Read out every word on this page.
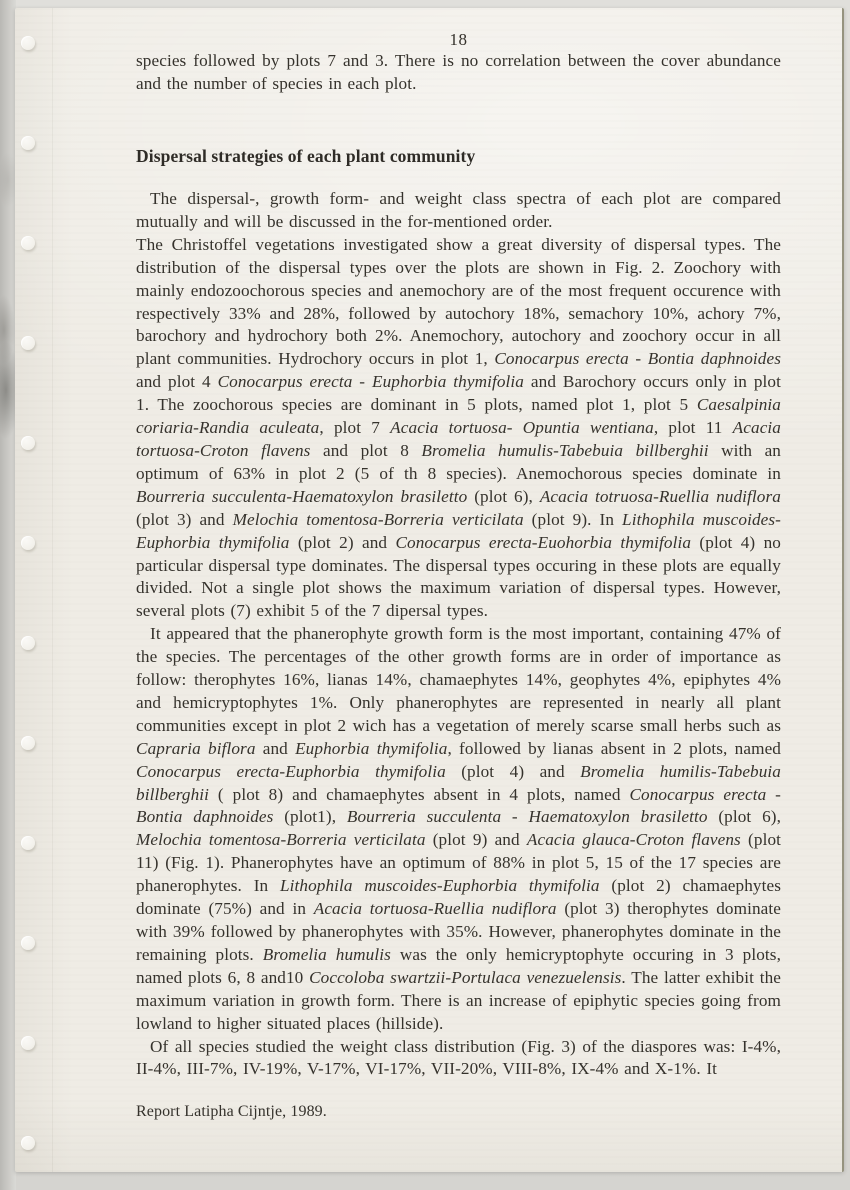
18

species followed by plots 7 and 3. There is no correlation between the cover abundance and the number of species in each plot.

Dispersal strategies of each plant community

The dispersal-, growth form- and weight class spectra of each plot are compared mutually and will be discussed in the for-mentioned order.

The Christoffel vegetations investigated show a great diversity of dispersal types. The distribution of the dispersal types over the plots are shown in Fig. 2. Zoochory with mainly endozoochorous species and anemochory are of the most frequent occurence with respectively 33% and 28%, followed by autochory 18%, semachory 10%, achory 7%, barochory and hydrochory both 2%. Anemochory, autochory and zoochory occur in all plant communities. Hydrochory occurs in plot 1, Conocarpus erecta - Bontia daphnoides and plot 4 Conocarpus erecta - Euphorbia thymifolia and Barochory occurs only in plot 1. The zoochorous species are dominant in 5 plots, named plot 1, plot 5 Caesalpinia coriaria-Randia aculeata, plot 7 Acacia tortuosa- Opuntia wentiana, plot 11 Acacia tortuosa-Croton flavens and plot 8 Bromelia humulis-Tabebuia billberghii with an optimum of 63% in plot 2 (5 of th 8 species). Anemochorous species dominate in Bourreria succulenta-Haematoxylon brasiletto (plot 6), Acacia totruosa-Ruellia nudiflora (plot 3) and Melochia tomentosa-Borreria verticilata (plot 9). In Lithophila muscoides-Euphorbia thymifolia (plot 2) and Conocarpus erecta-Euohorbia thymifolia (plot 4) no particular dispersal type dominates. The dispersal types occuring in these plots are equally divided. Not a single plot shows the maximum variation of dispersal types. However, several plots (7) exhibit 5 of the 7 dipersal types.

It appeared that the phanerophyte growth form is the most important, containing 47% of the species. The percentages of the other growth forms are in order of importance as follow: therophytes 16%, lianas 14%, chamaephytes 14%, geophytes 4%, epiphytes 4% and hemicryptophytes 1%. Only phanerophytes are represented in nearly all plant communities except in plot 2 wich has a vegetation of merely scarse small herbs such as Capraria biflora and Euphorbia thymifolia, followed by lianas absent in 2 plots, named Conocarpus erecta-Euphorbia thymifolia (plot 4) and Bromelia humilis-Tabebuia billberghii ( plot 8) and chamaephytes absent in 4 plots, named Conocarpus erecta - Bontia daphnoides (plot1), Bourreria succulenta - Haematoxylon brasiletto (plot 6), Melochia tomentosa-Borreria verticilata (plot 9) and Acacia glauca-Croton flavens (plot 11) (Fig. 1). Phanerophytes have an optimum of 88% in plot 5, 15 of the 17 species are phanerophytes. In Lithophila muscoides-Euphorbia thymifolia (plot 2) chamaephytes dominate (75%) and in Acacia tortuosa-Ruellia nudiflora (plot 3) therophytes dominate with 39% followed by phanerophytes with 35%. However, phanerophytes dominate in the remaining plots. Bromelia humulis was the only hemicryptophyte occuring in 3 plots, named plots 6, 8 and10 Coccoloba swartzii-Portulaca venezuelensis. The latter exhibit the maximum variation in growth form. There is an increase of epiphytic species going from lowland to higher situated places (hillside).

Of all species studied the weight class distribution (Fig. 3) of the diaspores was: I-4%, II-4%, III-7%, IV-19%, V-17%, VI-17%, VII-20%, VIII-8%, IX-4% and X-1%. It

Report Latipha Cijntje, 1989.
